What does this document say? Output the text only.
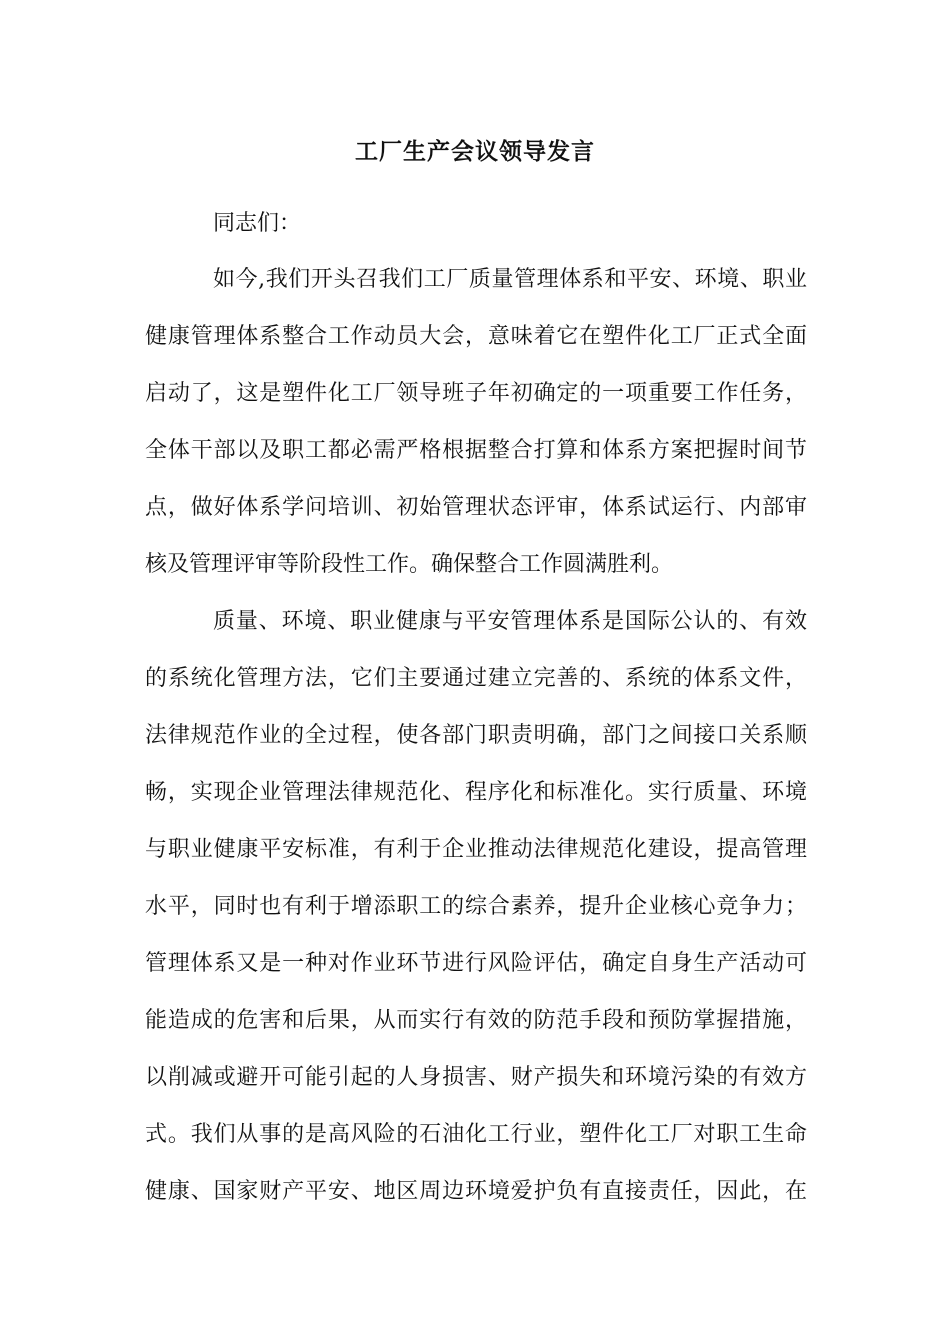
工厂生产会议领导发言
同志们：
如今,我们开头召我们工厂质量管理体系和平安、环境、职业
健康管理体系整合工作动员大会，意味着它在塑件化工厂正式全面
启动了，这是塑件化工厂领导班子年初确定的一项重要工作任务，
全体干部以及职工都必需严格根据整合打算和体系方案把握时间节
点，做好体系学问培训、初始管理状态评审，体系试运行、内部审
核及管理评审等阶段性工作。确保整合工作圆满胜利。
质量、环境、职业健康与平安管理体系是国际公认的、有效
的系统化管理方法，它们主要通过建立完善的、系统的体系文件，
法律规范作业的全过程，使各部门职责明确，部门之间接口关系顺
畅，实现企业管理法律规范化、程序化和标准化。实行质量、环境
与职业健康平安标准，有利于企业推动法律规范化建设，提高管理
水平，同时也有利于增添职工的综合素养，提升企业核心竞争力；
管理体系又是一种对作业环节进行风险评估，确定自身生产活动可
能造成的危害和后果，从而实行有效的防范手段和预防掌握措施，
以削减或避开可能引起的人身损害、财产损失和环境污染的有效方
式。我们从事的是高风险的石油化工行业，塑件化工厂对职工生命
健康、国家财产平安、地区周边环境爱护负有直接责任，因此，在
